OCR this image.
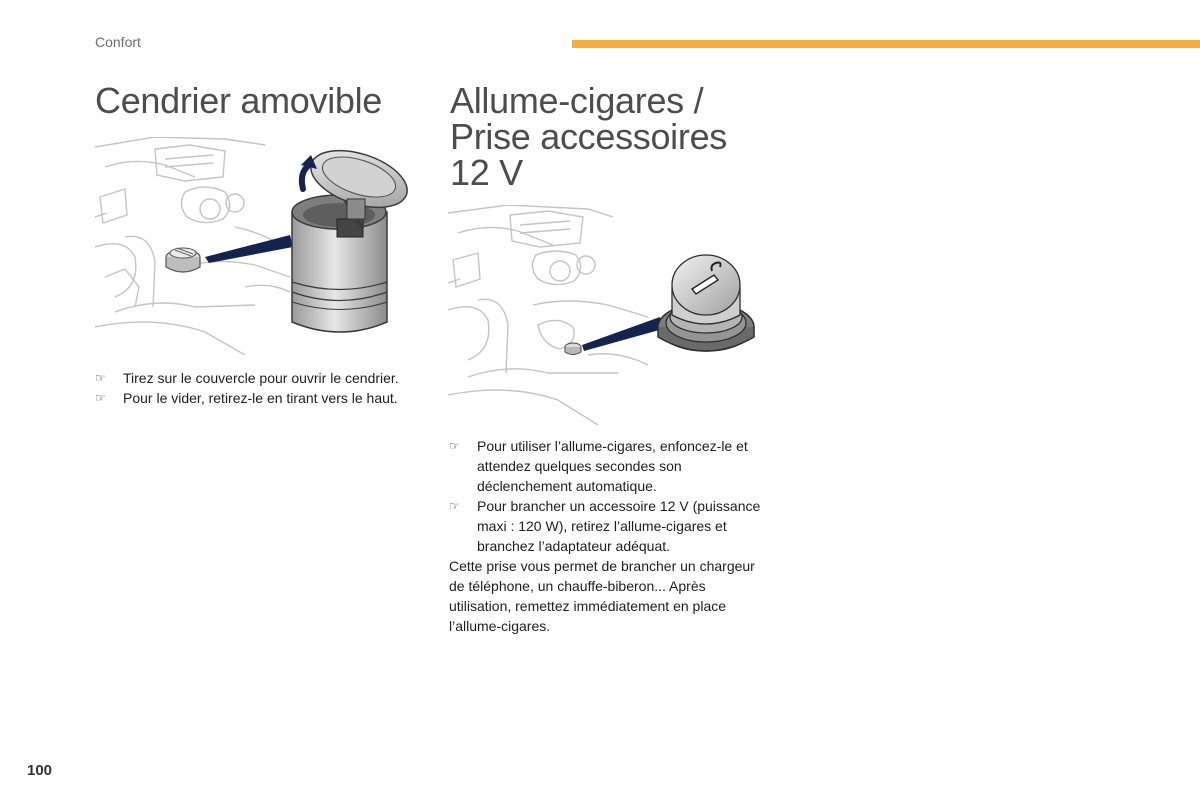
Confort
Cendrier amovible Allume-cigares /
Prise accessoires
12 V
☞ Tirez sur le couvercle pour ouvrir le cendrier.
☞ Pour le vider, retirez-le en tirant vers le haut.
☞ Pour utiliser l’allume-cigares, enfoncez-le et attendez quelques secondes son déclenchement automatique.
☞ Pour brancher un accessoire 12 V (puissance maxi : 120 W), retirez l’allume-cigares et branchez l’adaptateur adéquat.
Cette prise vous permet de brancher un chargeur de téléphone, un chauffe-biberon... Après utilisation, remettez immédiatement en place l’allume-cigares.
100
